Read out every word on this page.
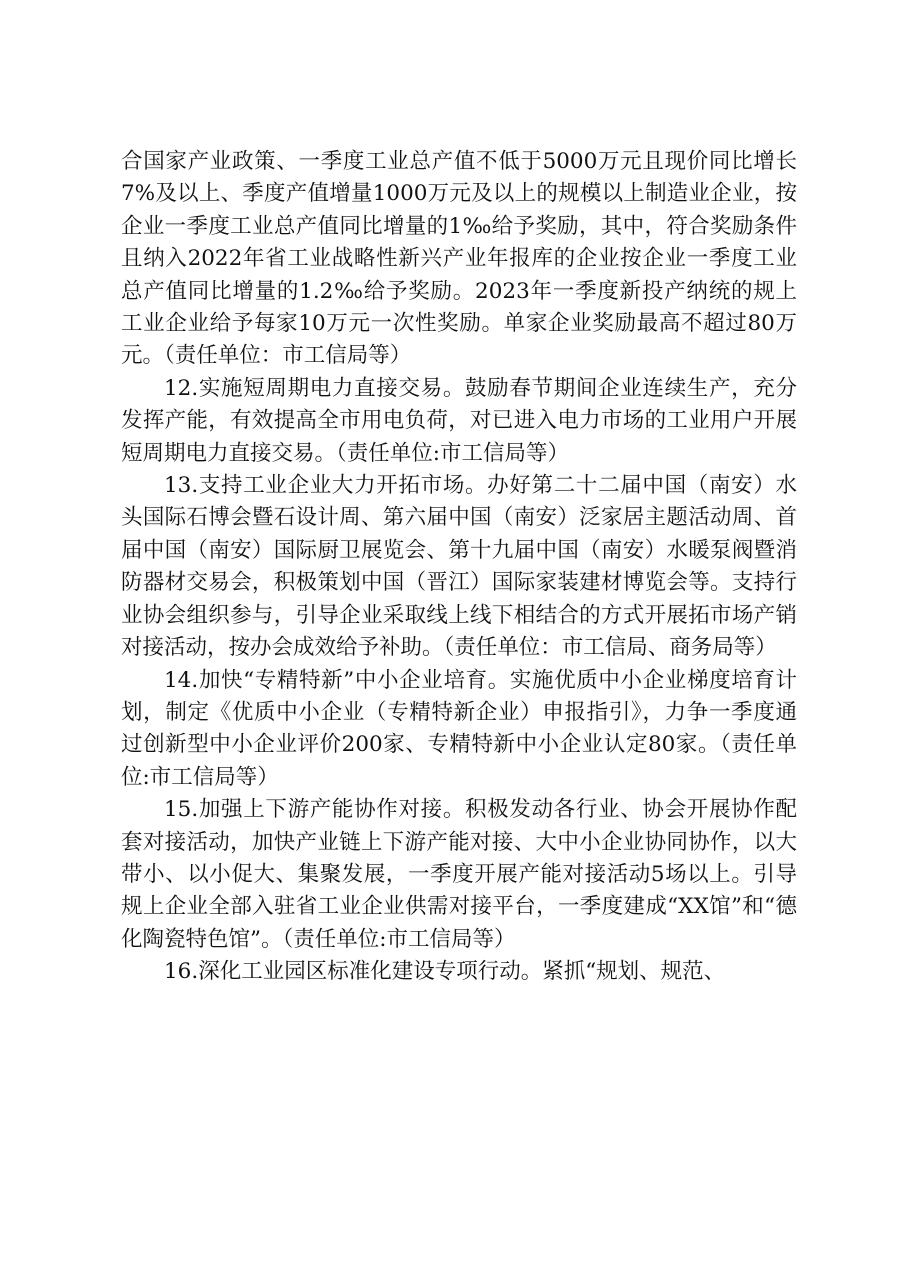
合国家产业政策、一季度工业总产值不低于5000万元且现价同比增长7%及以上、季度产值增量1000万元及以上的规模以上制造业企业，按企业一季度工业总产值同比增量的1‰给予奖励，其中，符合奖励条件且纳入2022年省工业战略性新兴产业年报库的企业按企业一季度工业总产值同比增量的1.2‰给予奖励。2023年一季度新投产纳统的规上工业企业给予每家10万元一次性奖励。单家企业奖励最高不超过80万元。（责任单位：市工信局等）

12.实施短周期电力直接交易。鼓励春节期间企业连续生产，充分发挥产能，有效提高全市用电负荷，对已进入电力市场的工业用户开展短周期电力直接交易。（责任单位:市工信局等）

13.支持工业企业大力开拓市场。办好第二十二届中国（南安）水头国际石博会暨石设计周、第六届中国（南安）泛家居主题活动周、首届中国（南安）国际厨卫展览会、第十九届中国（南安）水暖泵阀暨消防器材交易会，积极策划中国（晋江）国际家装建材博览会等。支持行业协会组织参与，引导企业采取线上线下相结合的方式开展拓市场产销对接活动，按办会成效给予补助。（责任单位：市工信局、商务局等）

14.加快“专精特新”中小企业培育。实施优质中小企业梯度培育计划，制定《优质中小企业（专精特新企业）申报指引》，力争一季度通过创新型中小企业评价200家、专精特新中小企业认定80家。（责任单位:市工信局等）

15.加强上下游产能协作对接。积极发动各行业、协会开展协作配套对接活动，加快产业链上下游产能对接、大中小企业协同协作，以大带小、以小促大、集聚发展，一季度开展产能对接活动5场以上。引导规上企业全部入驻省工业企业供需对接平台，一季度建成“XX馆”和“德化陶瓷特色馆”。（责任单位:市工信局等）

16.深化工业园区标准化建设专项行动。紧抓“规划、规范、
